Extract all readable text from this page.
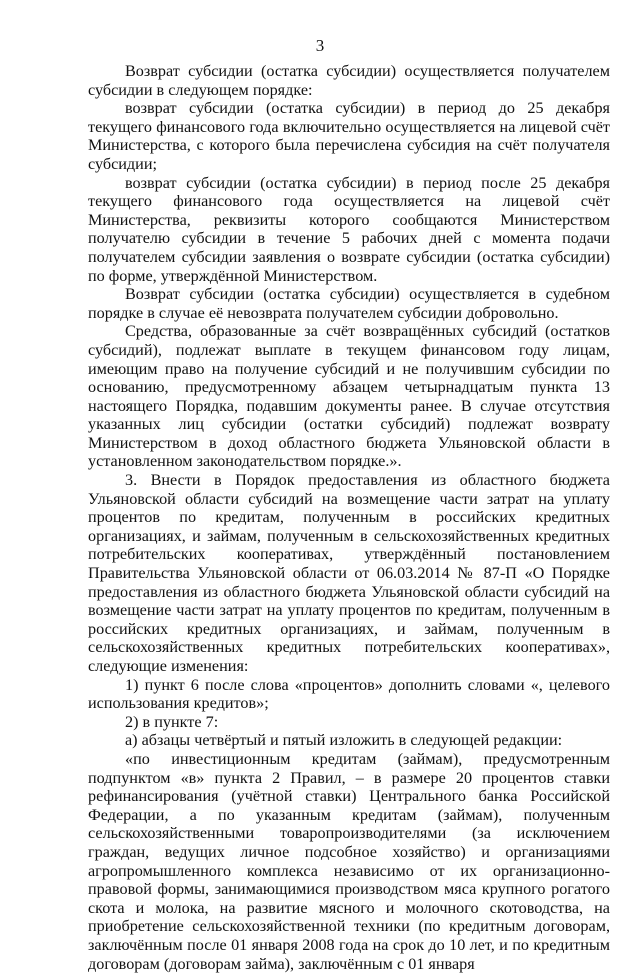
3

Возврат субсидии (остатка субсидии) осуществляется получателем субсидии в следующем порядке:

возврат субсидии (остатка субсидии) в период до 25 декабря текущего финансового года включительно осуществляется на лицевой счёт Министерства, с которого была перечислена субсидия на счёт получателя субсидии;

возврат субсидии (остатка субсидии) в период после 25 декабря текущего финансового года осуществляется на лицевой счёт Министерства, реквизиты которого сообщаются Министерством получателю субсидии в течение 5 рабочих дней с момента подачи получателем субсидии заявления о возврате субсидии (остатка субсидии) по форме, утверждённой Министерством.

Возврат субсидии (остатка субсидии) осуществляется в судебном порядке в случае её невозврата получателем субсидии добровольно.

Средства, образованные за счёт возвращённых субсидий (остатков субсидий), подлежат выплате в текущем финансовом году лицам, имеющим право на получение субсидий и не получившим субсидии по основанию, предусмотренному абзацем четырнадцатым пункта 13 настоящего Порядка, подавшим документы ранее. В случае отсутствия указанных лиц субсидии (остатки субсидий) подлежат возврату Министерством в доход областного бюджета Ульяновской области в установленном законодательством порядке.».

3. Внести в Порядок предоставления из областного бюджета Ульяновской области субсидий на возмещение части затрат на уплату процентов по кредитам, полученным в российских кредитных организациях, и займам, полученным в сельскохозяйственных кредитных потребительских кооперативах, утверждённый постановлением Правительства Ульяновской области от 06.03.2014 № 87-П «О Порядке предоставления из областного бюджета Ульяновской области субсидий на возмещение части затрат на уплату процентов по кредитам, полученным в российских кредитных организациях, и займам, полученным в сельскохозяйственных кредитных потребительских кооперативах», следующие изменения:

1) пункт 6 после слова «процентов» дополнить словами «, целевого использования кредитов»;

2) в пункте 7:

а) абзацы четвёртый и пятый изложить в следующей редакции:

«по инвестиционным кредитам (займам), предусмотренным подпунктом «в» пункта 2 Правил, – в размере 20 процентов ставки рефинансирования (учётной ставки) Центрального банка Российской Федерации, а по указанным кредитам (займам), полученным сельскохозяйственными товаропроизводителями (за исключением граждан, ведущих личное подсобное хозяйство) и организациями агропромышленного комплекса независимо от их организационно-правовой формы, занимающимися производством мяса крупного рогатого скота и молока, на развитие мясного и молочного скотоводства, на приобретение сельскохозяйственной техники (по кредитным договорам, заключённым после 01 января 2008 года на срок до 10 лет, и по кредитным договорам (договорам займа), заключённым с 01 января
